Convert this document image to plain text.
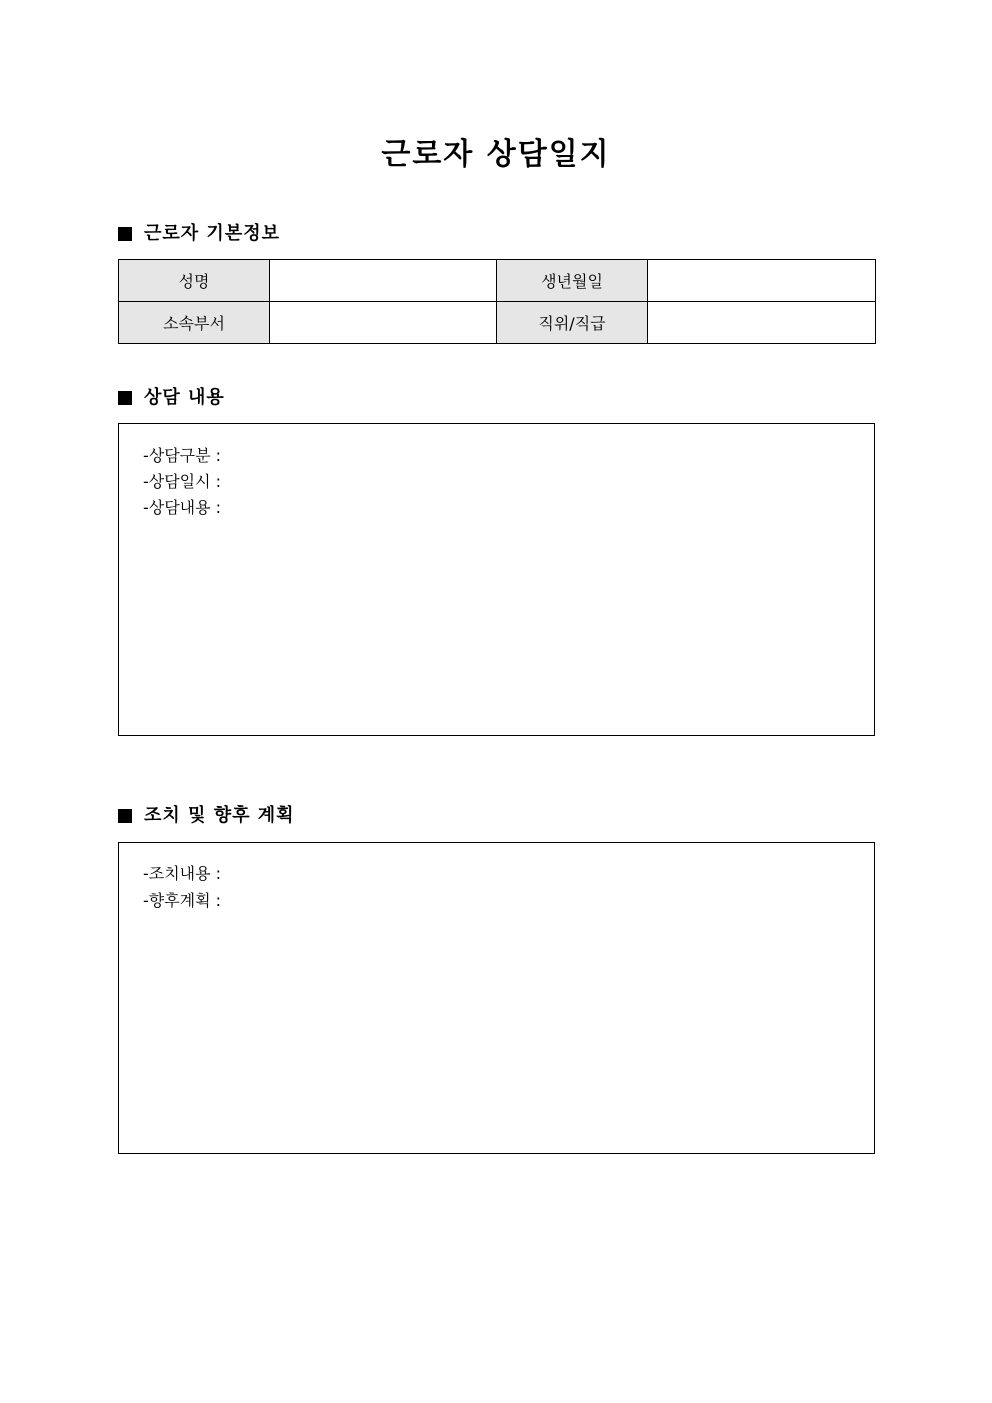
근로자 상담일지
근로자 기본정보
성명		생년월일	
소속부서		직위/직급	
상담 내용
-상담구분 :
-상담일시 :
-상담내용 :
조치 및 향후 계획
-조치내용 :
-향후계획 :
